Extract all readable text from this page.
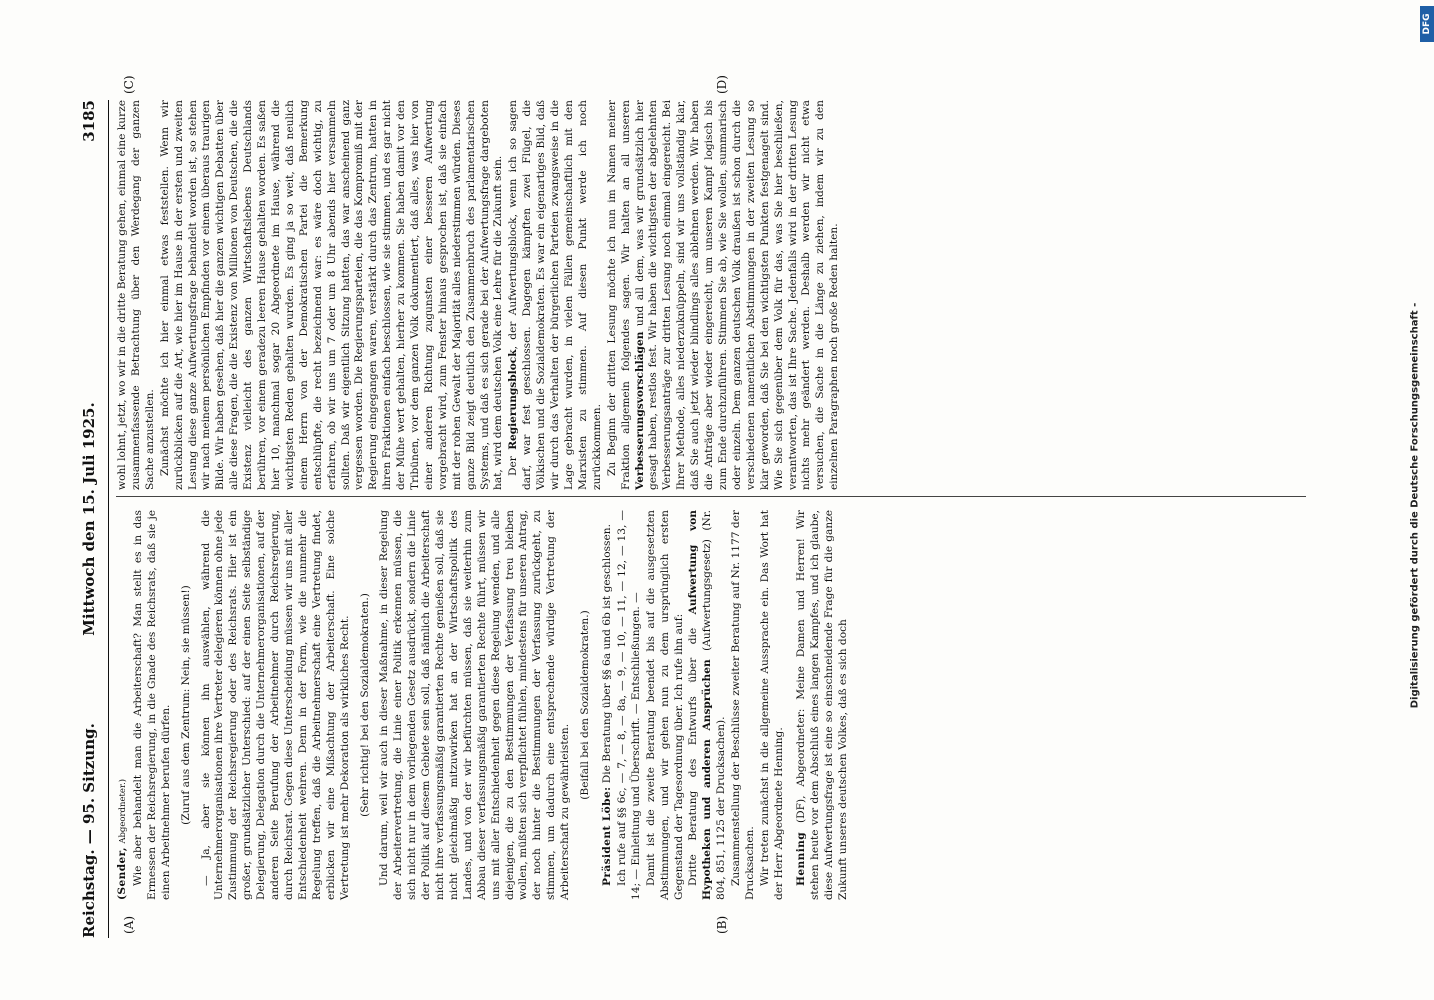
Reichstag. — 95. Sitzung.
Mittwoch den 15. Juli 1925.
3185
(A)	(B)
(C)	(D)

(Sender, Abgeordneter.) Wie aber behandelt man die Arbeiterschaft? Man stellt es in das Ermessen der Reichsregierung, in die Gnade des Reichsrats, daß sie je einen Arbeitnehmer berufen dürfen. (Zuruf aus dem Zentrum: Nein, sie müssen!) — Ja, aber sie können ihn auswählen, während die Unternehmerorganisationen ihre Vertreter delegieren können ohne jede Zustimmung der Reichsregierung oder des Reichsrats. Hier ist ein großer, grundsätzlicher Unterschied: auf der einen Seite selbständige Delegierung, Delegation durch die Unternehmerorganisationen, auf der anderen Seite Berufung der Arbeitnehmer durch Reichsregierung, durch Reichsrat. Gegen diese Unterscheidung müssen wir uns mit aller Entschiedenheit wehren. Denn in der Form, wie die nunmehr die Regelung treffen, daß die Arbeitnehmerschaft eine Vertretung findet, erblicken wir eine Mißachtung der Arbeiterschaft. Eine solche Vertretung ist mehr Dekoration als wirkliches Recht. (Sehr richtig! bei den Sozialdemokraten.) Und darum, weil wir auch in dieser Maßnahme, in dieser Regelung der Arbeitervertretung, die Linie einer Politik erkennen müssen, die sich nicht nur in dem vorliegenden Gesetz ausdrückt, sondern die Linie der Politik auf diesem Gebiete sein soll, daß nämlich die Arbeiterschaft nicht ihre verfassungsmäßig garantierten Rechte genießen soll, daß sie nicht gleichmäßig mitzuwirken hat an der Wirtschaftspolitik des Landes, und von der wir befürchten müssen, daß sie weiterhin zum Abbau dieser verfassungsmäßig garantierten Rechte führt, müssen wir uns mit aller Entschiedenheit gegen diese Regelung wenden, und alle diejenigen, die zu den Bestimmungen der Verfassung treu bleiben wollen, müßten sich verpflichtet fühlen, mindestens für unseren Antrag, der noch hinter die Bestimmungen der Verfassung zurückgeht, zu stimmen, um dadurch eine entsprechende würdige Vertretung der Arbeiterschaft zu gewährleisten.

(Beifall bei den Sozialdemokraten.)

Präsident Löbe: Die Beratung über §§ 6a und 6b ist geschlossen. Ich rufe auf §§ 6c, — 7, — 8, — 8a, — 9, — 10, — 11, — 12, — 13, — 14; — Einleitung und Überschrift. — Entschließungen. — Damit ist die zweite Beratung beendet bis auf die ausgesetzten Abstimmungen, und wir gehen nun zu dem ursprünglich ersten Gegenstand der Tagesordnung über. Ich rufe ihn auf: Dritte Beratung des Entwurfs über die Aufwertung von Hypotheken und anderen Ansprüchen (Aufwertungsgesetz) (Nr. 804, 851, 1125 der Drucksachen). Zusammenstellung der Beschlüsse zweiter Beratung auf Nr. 1177 der Drucksachen. Wir treten zunächst in die allgemeine Aussprache ein. Das Wort hat der Herr Abgeordnete Henning. Henning (DF), Abgeordneter: Meine Damen und Herren! Wir stehen heute vor dem Abschluß eines langen Kampfes, und ich glaube, diese Aufwertungsfrage ist eine so einschneidende Frage für die ganze Zukunft unseres deutschen Volkes, daß es sich doch

wohl lohnt, jetzt, wo wir in die dritte Beratung gehen, einmal eine kurze zusammenfassende Betrachtung über den Werdegang der ganzen Sache anzustellen. Zunächst möchte ich hier einmal etwas feststellen. Wenn wir zurückblicken auf die Art, wie hier im Hause in der ersten und zweiten Lesung diese ganze Aufwertungsfrage behandelt worden ist, so stehen wir nach meinem persönlichen Empfinden vor einem überaus traurigen Bilde. Wir haben gesehen, daß hier die ganzen wichtigen Debatten über alle diese Fragen, die die Existenz von Millionen von Deutschen, die die Existenz vielleicht des ganzen Wirtschaftslebens Deutschlands berühren, vor einem geradezu leeren Hause gehalten worden. Es saßen hier 10, manchmal sogar 20 Abgeordnete im Hause, während die wichtigsten Reden gehalten wurden. Es ging ja so weit, daß neulich einem Herrn von der Demokratischen Partei die Bemerkung entschlüpfte, die recht bezeichnend war: es wäre doch wichtig, zu erfahren, ob wir uns um 7 oder um 8 Uhr abends hier versammeln sollten. Daß wir eigentlich Sitzung hatten, das war anscheinend ganz vergessen worden. Die Regierungsparteien, die das Kompromiß mit der Regierung eingegangen waren, verstärkt durch das Zentrum, hatten in ihren Fraktionen einfach beschlossen, wie sie stimmen, und es gar nicht der Mühe wert gehalten, hierher zu kommen. Sie haben damit vor den Tribünen, vor dem ganzen Volk dokumentiert, daß alles, was hier von einer anderen Richtung zugunsten einer besseren Aufwertung vorgebracht wird, zum Fenster hinaus gesprochen ist, daß sie einfach mit der rohen Gewalt der Majorität alles niederstimmen würden. Dieses ganze Bild zeigt deutlich den Zusammenbruch des parlamentarischen Systems, und daß es sich gerade bei der Aufwertungsfrage dargeboten hat, wird dem deutschen Volk eine Lehre für die Zukunft sein. Der Regierungsblock, der Aufwertungsblock, wenn ich so sagen darf, war fest geschlossen. Dagegen kämpften zwei Flügel, die Völkischen und die Sozialdemokraten. Es war ein eigenartiges Bild, daß wir durch das Verhalten der bürgerlichen Parteien zwangsweise in die Lage gebracht wurden, in vielen Fällen gemeinschaftlich mit den Marxisten zu stimmen. Auf diesen Punkt werde ich noch zurückkommen. Zu Beginn der dritten Lesung möchte ich nun im Namen meiner Fraktion allgemein folgendes sagen. Wir halten an all unseren Verbesserungsvorschlägen und all dem, was wir grundsätzlich hier gesagt haben, restlos fest. Wir haben die wichtigsten der abgelehnten Verbesserungsanträge zur dritten Lesung noch einmal eingereicht. Bei Ihrer Methode, alles niederzuknüppeln, sind wir uns vollständig klar, daß Sie auch jetzt wieder blindlings alles ablehnen werden. Wir haben die Anträge aber wieder eingereicht, um unseren Kampf logisch bis zum Ende durchzuführen. Stimmen Sie ab, wie Sie wollen, summarisch oder einzeln. Dem ganzen deutschen Volk draußen ist schon durch die verschiedenen namentlichen Abstimmungen in der zweiten Lesung so klar geworden, daß Sie bei den wichtigsten Punkten festgenagelt sind. Wie Sie sich gegenüber dem Volk für das, was Sie hier beschließen, verantworten, das ist Ihre Sache. Jedenfalls wird in der dritten Lesung nichts mehr geändert werden. Deshalb werden wir nicht etwa versuchen, die Sache in die Länge zu ziehen, indem wir zu den einzelnen Paragraphen noch große Reden halten.	Digitalisierung gefördert durch die Deutsche Forschungsgemeinschaft -
DFG
